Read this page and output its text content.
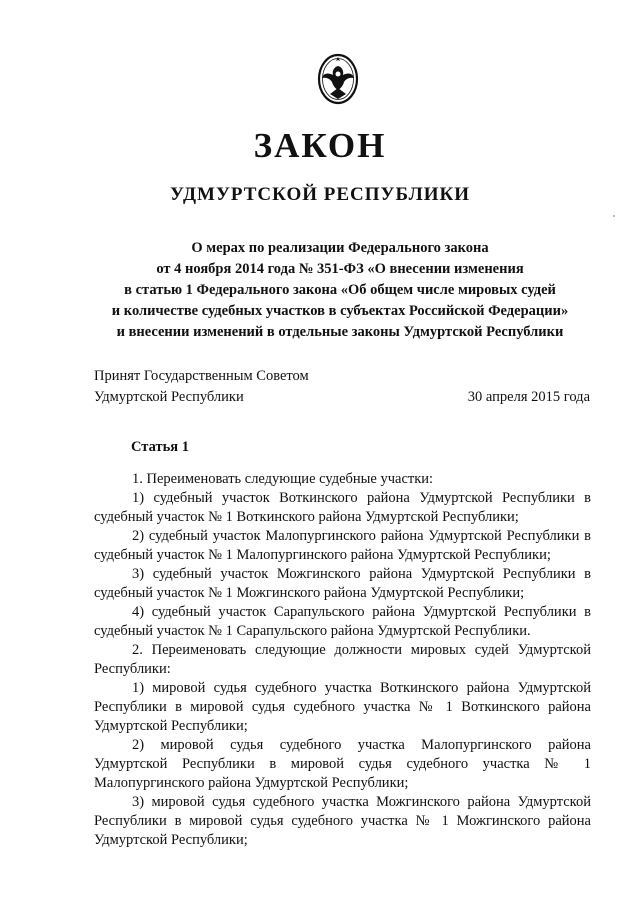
ЗАКОН
УДМУРТСКОЙ РЕСПУБЛИКИ
О мерах по реализации Федерального закона
от 4 ноября 2014 года № 351-ФЗ «О внесении изменения
в статью 1 Федерального закона «Об общем числе мировых судей
и количестве судебных участков в субъектах Российской Федерации»
и внесении изменений в отдельные законы Удмуртской Республики
Принят Государственным Советом
Удмуртской Республики	30 апреля 2015 года
Статья 1

1. Переименовать следующие судебные участки:

1) судебный участок Воткинского района Удмуртской Республики в судебный участок № 1 Воткинского района Удмуртской Республики;

2) судебный участок Малопургинского района Удмуртской Республики в судебный участок № 1 Малопургинского района Удмуртской Республики;

3) судебный участок Можгинского района Удмуртской Республики в судебный участок № 1 Можгинского района Удмуртской Республики;

4) судебный участок Сарапульского района Удмуртской Республики в судебный участок № 1 Сарапульского района Удмуртской Республики.

2. Переименовать следующие должности мировых судей Удмуртской Республики:

1) мировой судья судебного участка Воткинского района Удмуртской Республики в мировой судья судебного участка № 1 Воткинского района Удмуртской Республики;

2) мировой судья судебного участка Малопургинского района Удмуртской Республики в мировой судья судебного участка № 1 Малопургинского района Удмуртской Республики;

3) мировой судья судебного участка Можгинского района Удмуртской Республики в мировой судья судебного участка № 1 Можгинского района Удмуртской Республики;
